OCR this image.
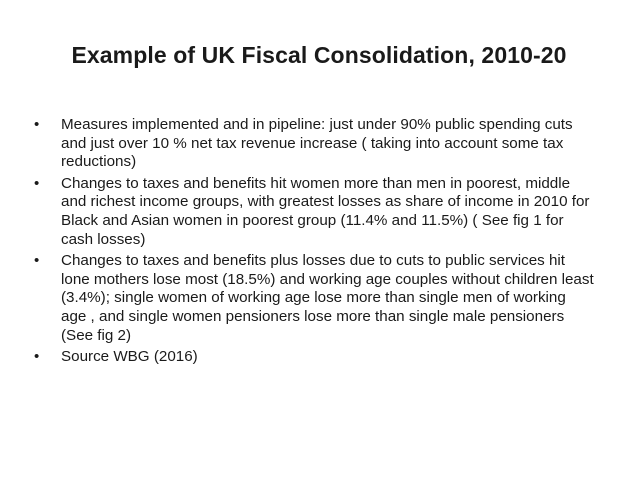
Example of UK Fiscal Consolidation, 2010-20
•	Measures implemented and in pipeline: just under 90% public spending cuts and just over 10 % net tax revenue increase ( taking into account some tax reductions)
•	Changes to taxes and benefits hit women more than men in poorest, middle and richest income groups, with greatest losses as share of income in 2010 for Black and Asian women in poorest group (11.4% and 11.5%) ( See fig 1 for cash losses)
•	Changes to taxes and benefits plus losses due to cuts to public services hit lone mothers lose most (18.5%) and working age couples without children least (3.4%); single women of working age lose more than single men of working age , and single women pensioners lose more than single male pensioners (See fig 2)
•	Source WBG (2016)
